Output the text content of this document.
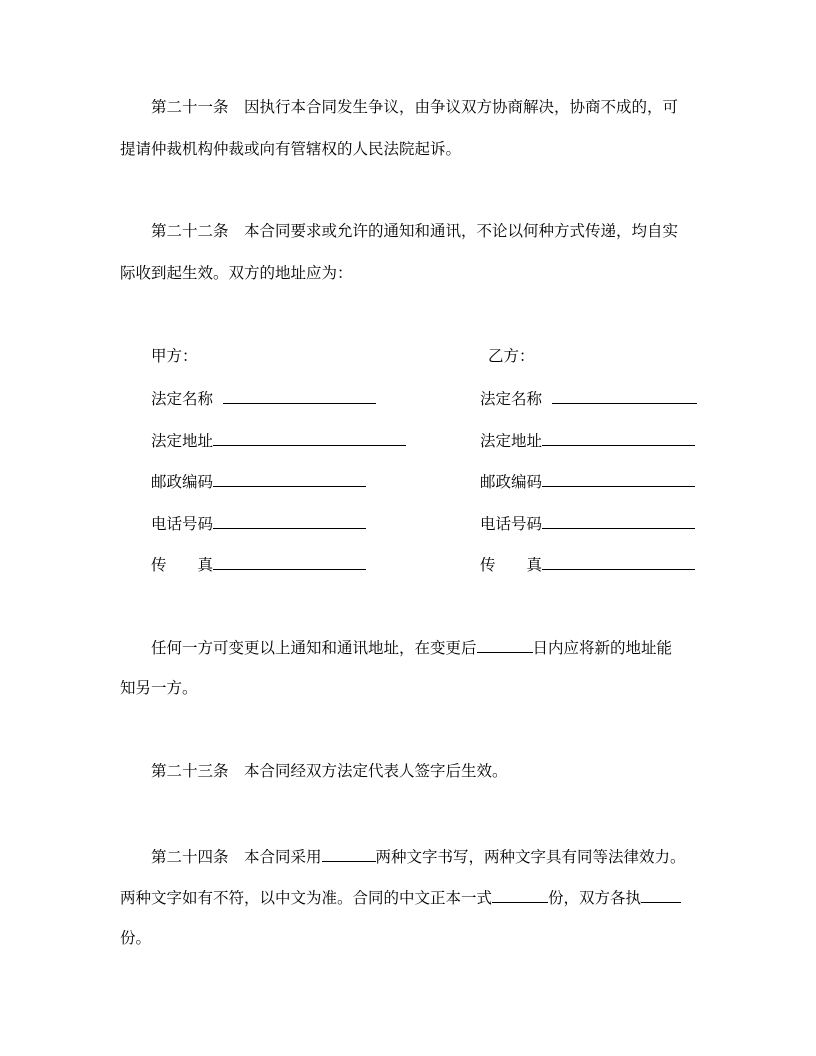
第二十一条　因执行本合同发生争议，由争议双方协商解决，协商不成的，可
提请仲裁机构仲裁或向有管辖权的人民法院起诉。
第二十二条　本合同要求或允许的通知和通讯，不论以何种方式传递，均自实
际收到起生效。双方的地址应为：
甲方：
法定名称
法定地址
邮政编码
电话号码
传　　真
乙方：
法定名称
法定地址
邮政编码
电话号码
传　　真
任何一方可变更以上通知和通讯地址，在变更后	日内应将新的地址能
知另一方。
第二十三条　本合同经双方法定代表人签字后生效。
第二十四条　本合同采用	两种文字书写，两种文字具有同等法律效力。
两种文字如有不符，以中文为准。合同的中文正本一式	份，双方各执
份。
